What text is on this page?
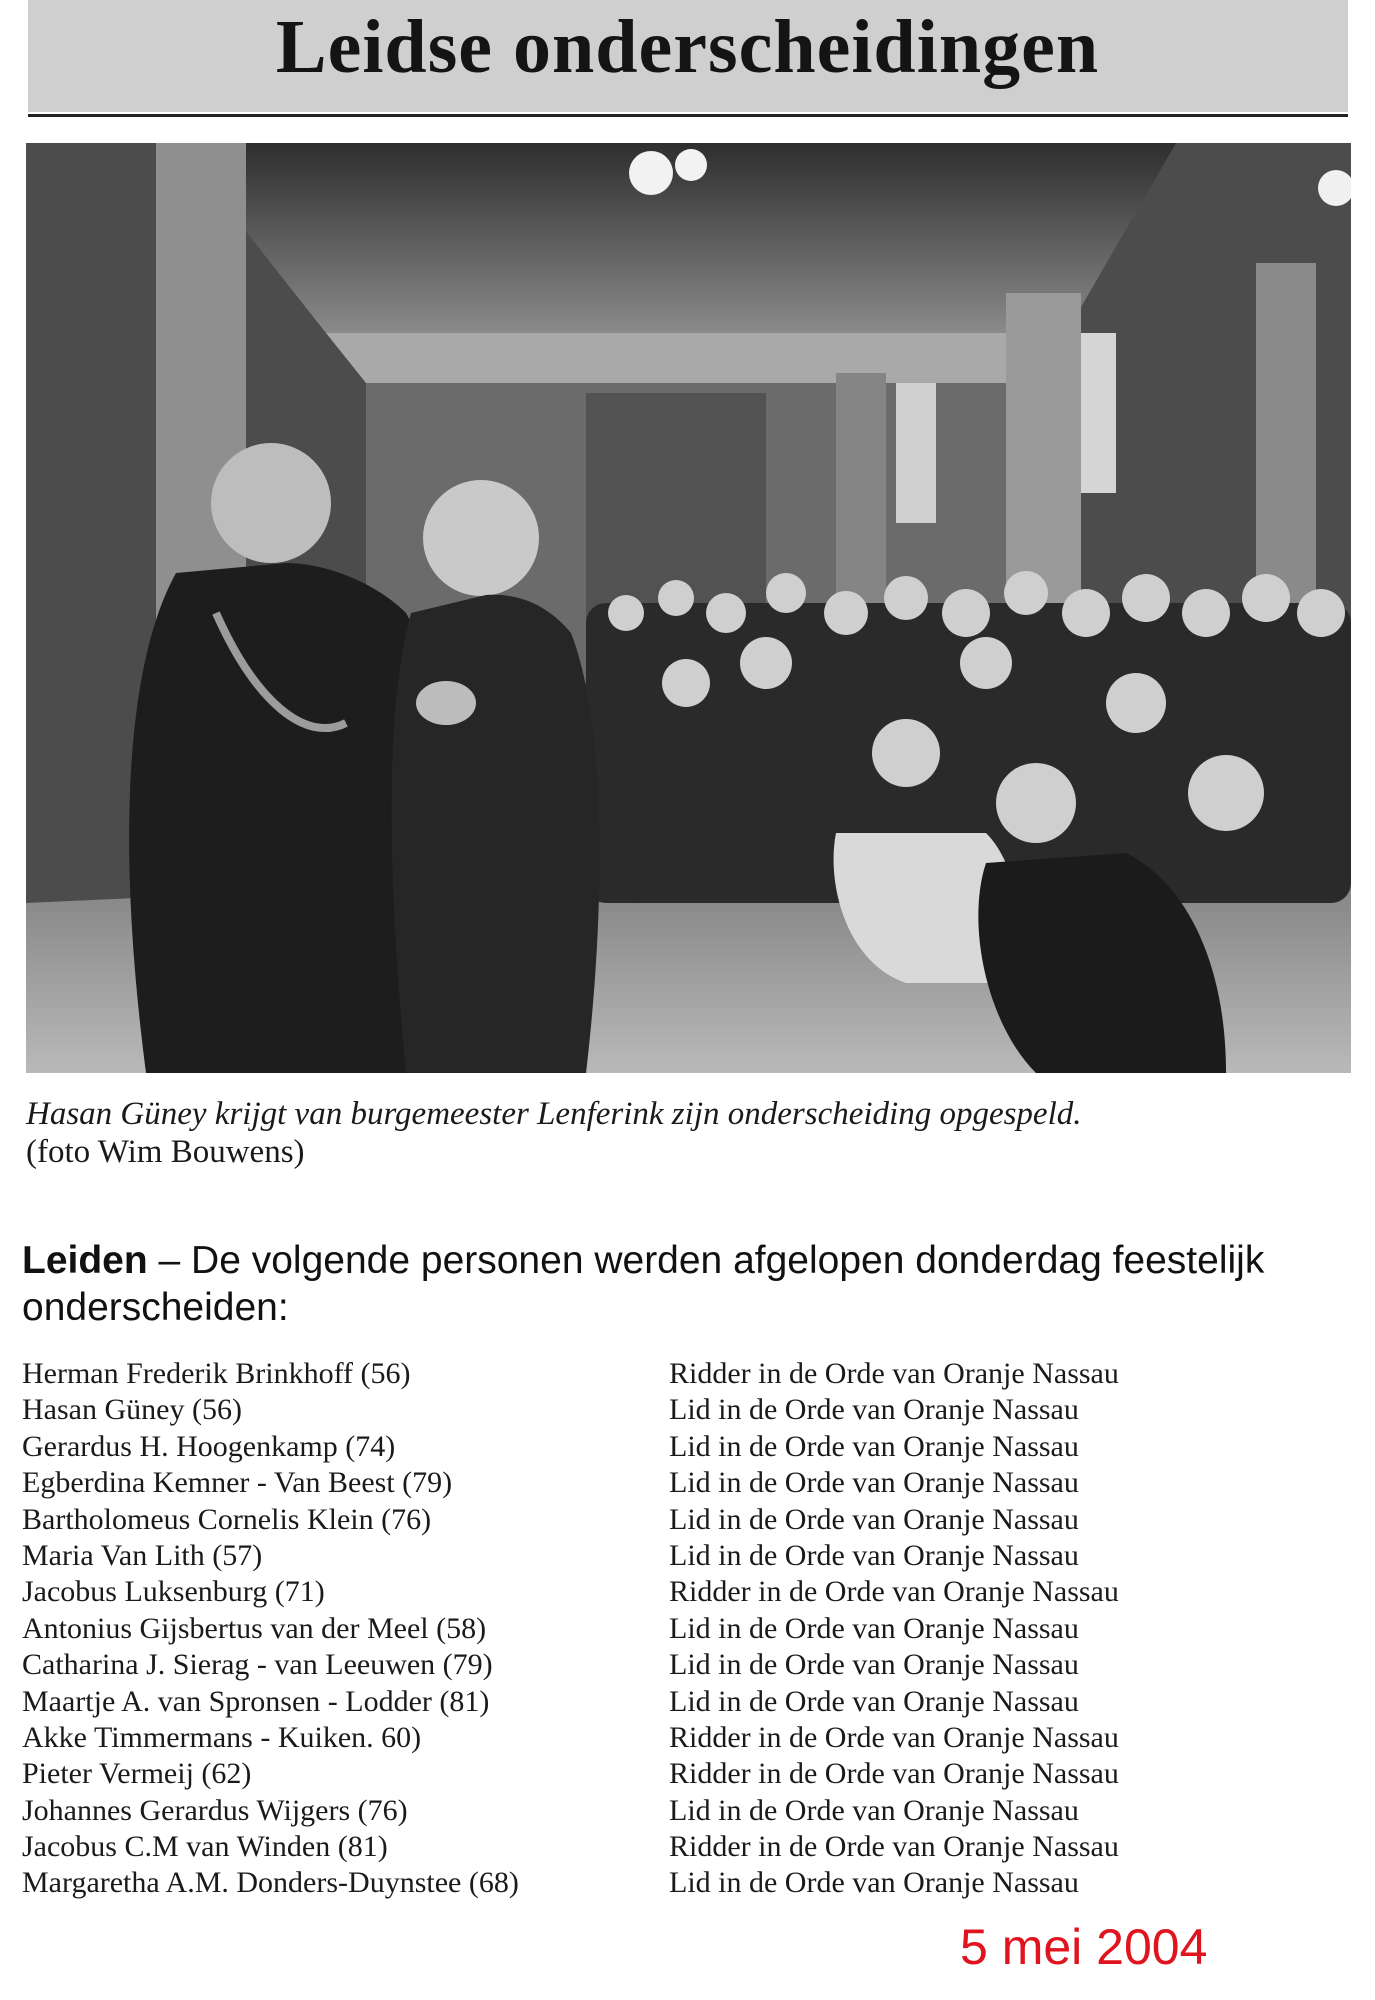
Leidse onderscheidingen
Hasan Güney krijgt van burgemeester Lenferink zijn onderscheiding opgespeld.
(foto Wim Bouwens)
Leiden – De volgende personen werden afgelopen donderdag feestelijk onderscheiden:
Herman Frederik Brinkhoff (56)	Ridder in de Orde van Oranje Nassau
Hasan Güney (56)	Lid in de Orde van Oranje Nassau
Gerardus H. Hoogenkamp (74)	Lid in de Orde van Oranje Nassau
Egberdina Kemner - Van Beest (79)	Lid in de Orde van Oranje Nassau
Bartholomeus Cornelis Klein (76)	Lid in de Orde van Oranje Nassau
Maria Van Lith (57)	Lid in de Orde van Oranje Nassau
Jacobus Luksenburg (71)	Ridder in de Orde van Oranje Nassau
Antonius Gijsbertus van der Meel (58)	Lid in de Orde van Oranje Nassau
Catharina J. Sierag - van Leeuwen (79)	Lid in de Orde van Oranje Nassau
Maartje A. van Spronsen - Lodder (81)	Lid in de Orde van Oranje Nassau
Akke Timmermans - Kuiken. 60)	Ridder in de Orde van Oranje Nassau
Pieter Vermeij (62)	Ridder in de Orde van Oranje Nassau
Johannes Gerardus Wijgers (76)	Lid in de Orde van Oranje Nassau
Jacobus C.M van Winden (81)	Ridder in de Orde van Oranje Nassau
Margaretha A.M. Donders-Duynstee (68)	Lid in de Orde van Oranje Nassau
5 mei 2004
